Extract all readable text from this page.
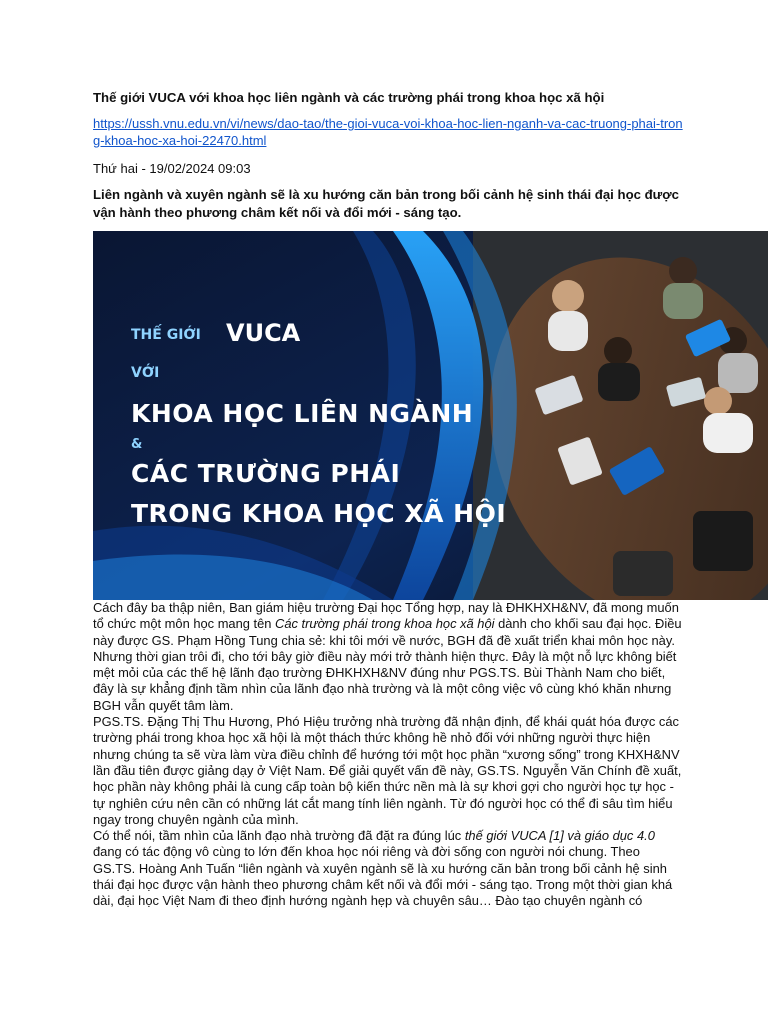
Thế giới VUCA với khoa học liên ngành và các trường phái trong khoa học xã hội
https://ussh.vnu.edu.vn/vi/news/dao-tao/the-gioi-vuca-voi-khoa-hoc-lien-nganh-va-cac-truong-phai-trong-khoa-hoc-xa-hoi-22470.html
Thứ hai - 19/02/2024 09:03
Liên ngành và xuyên ngành sẽ là xu hướng căn bản trong bối cảnh hệ sinh thái đại học được vận hành theo phương châm kết nối và đổi mới - sáng tạo.

Cách đây ba thập niên, Ban giám hiệu trường Đại học Tổng hợp, nay là ĐHKHXH&NV, đã mong muốn tổ chức một môn học mang tên Các trường phái trong khoa học xã hội dành cho khối sau đại học. Điều này được GS. Phạm Hồng Tung chia sẻ: khi tôi mới về nước, BGH đã đề xuất triển khai môn học này. Nhưng thời gian trôi đi, cho tới bây giờ điều này mới trở thành hiện thực. Đây là một nỗ lực không biết mệt mỏi của các thế hệ lãnh đạo trường ĐHKHXH&NV đúng như PGS.TS. Bùi Thành Nam cho biết, đây là sự khẳng định tầm nhìn của lãnh đạo nhà trường và là một công việc vô cùng khó khăn nhưng BGH vẫn quyết tâm làm.

PGS.TS. Đặng Thị Thu Hương, Phó Hiệu trưởng nhà trường đã nhận định, để khái quát hóa được các trường phái trong khoa học xã hội là một thách thức không hề nhỏ đối với những người thực hiện nhưng chúng ta sẽ vừa làm vừa điều chỉnh để hướng tới một học phần “xương sống” trong KHXH&NV lần đầu tiên được giảng dạy ở Việt Nam. Để giải quyết vấn đề này, GS.TS. Nguyễn Văn Chính đề xuất, học phần này không phải là cung cấp toàn bộ kiến thức nền mà là sự khơi gợi cho người học tự học - tự nghiên cứu nên cần có những lát cắt mang tính liên ngành. Từ đó người học có thể đi sâu tìm hiểu ngay trong chuyên ngành của mình.

Có thể nói, tầm nhìn của lãnh đạo nhà trường đã đặt ra đúng lúc thế giới VUCA [1] và giáo dục 4.0 đang có tác động vô cùng to lớn đến khoa học nói riêng và đời sống con người nói chung. Theo GS.TS. Hoàng Anh Tuấn “liên ngành và xuyên ngành sẽ là xu hướng căn bản trong bối cảnh hệ sinh thái đại học được vận hành theo phương châm kết nối và đổi mới - sáng tạo. Trong một thời gian khá dài, đại học Việt Nam đi theo định hướng ngành hẹp và chuyên sâu… Đào tạo chuyên ngành có

THẾ GIỚI VUCA
VỚI
KHOA HỌC LIÊN NGÀNH
&
CÁC TRƯỜNG PHÁI
TRONG KHOA HỌC XÃ HỘI
